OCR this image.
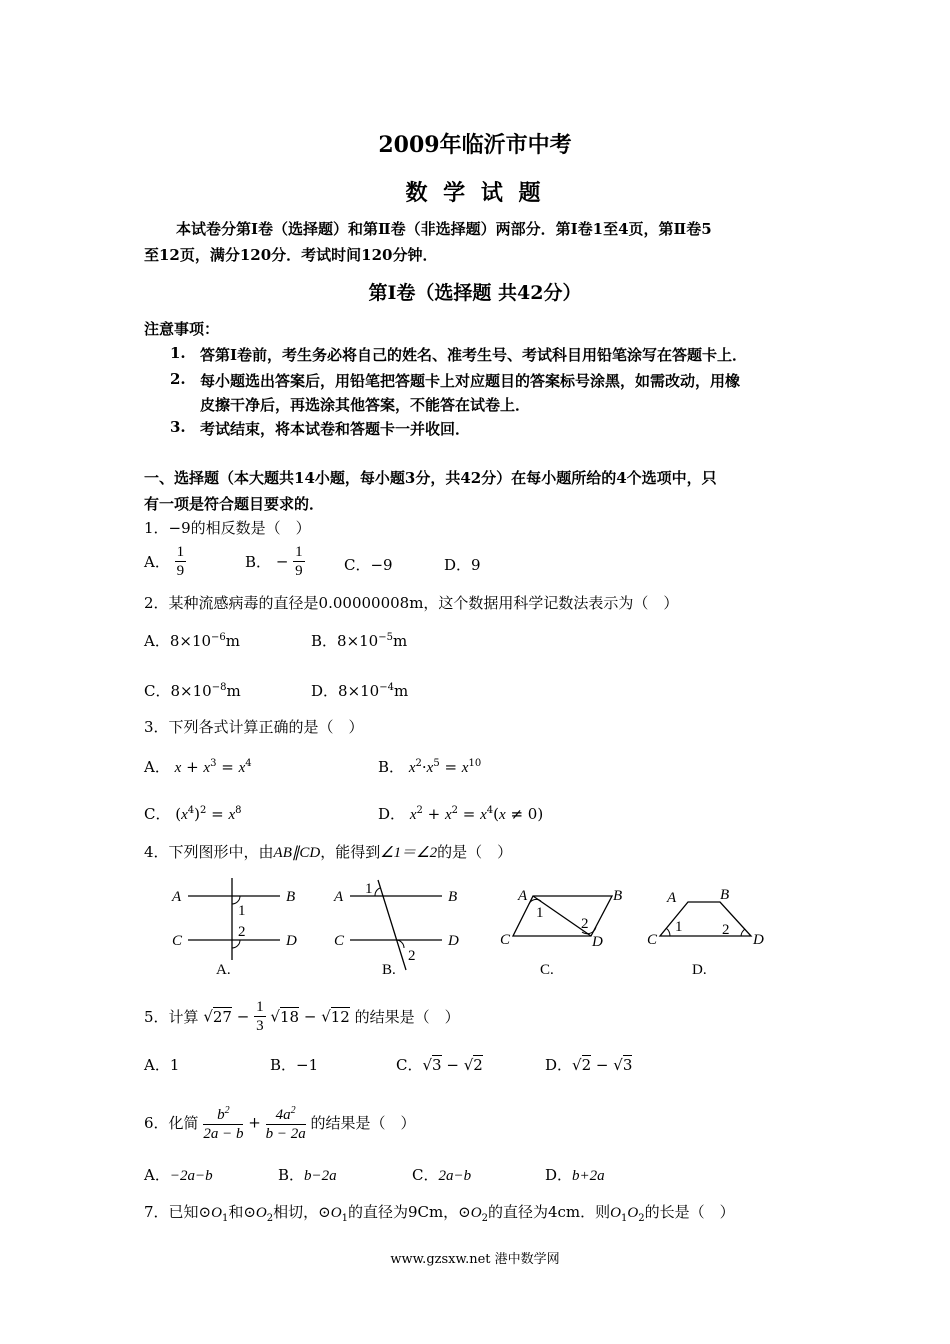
2009年临沂市中考
数 学 试 题
本试卷分第Ⅰ卷（选择题）和第Ⅱ卷（非选择题）两部分．第Ⅰ卷1至4页，第Ⅱ卷5
至12页，满分120分．考试时间120分钟．
第Ⅰ卷（选择题 共42分）
注意事项：
1. 答第Ⅰ卷前，考生务必将自己的姓名、准考生号、考试科目用铅笔涂写在答题卡上．
2. 每小题选出答案后，用铅笔把答题卡上对应题目的答案标号涂黑，如需改动，用橡
皮擦干净后，再选涂其他答案，不能答在试卷上．
3. 考试结束，将本试卷和答题卡一并收回．
一、选择题（本大题共14小题，每小题3分，共42分）在每小题所给的4个选项中，只
有一项是符合题目要求的．
1．−9的相反数是（　）
A． $\frac{1}{9}$	B． − $\frac{1}{9}$	C．−9	D．9
2．某种流感病毒的直径是0.00000008m，这个数据用科学记数法表示为（　）
A．$8\times 10^{-6}m$	B．$8\times 10^{-5}m$
C．$8\times 10^{-8}m$	D．$8\times 10^{-4}m$
3．下列各式计算正确的是（　）
A． $x + x^3 = x^4$	B． $x^2\cdot x^5 = x^{10}$
C． $(x^4)^2 = x^8$	D． $x^2 + x^2 = x^4(x \ne 0)$
4．下列图形中，由AB∥CD，能得到∠1＝∠2的是（　）
A	B
C	D
1
2
A.
A	B
C	D
1
2
B.
A	B
C	D
1
2
C.
A	B
C	D
1	2
D.
5．计算 $√27 - \frac{1}{3} √18 - √12$ 的结果是（　）
A．1	B．−1	C．√3 − √2	D．√2 − √3
6．化简 $\frac{b^2}{2a - b} + \frac{4a^2}{b - 2a}$ 的结果是（　）
A．−2a−b	B．b−2a	C．2a−b	D．b+2a
7．已知$⊙O_1$和$⊙O_2$相切，$⊙O_1$的直径为9Cm，$⊙O_2$的直径为4cm．则$O_1O_2$的长是（　）
www.gzsxw.net 港中数学网
